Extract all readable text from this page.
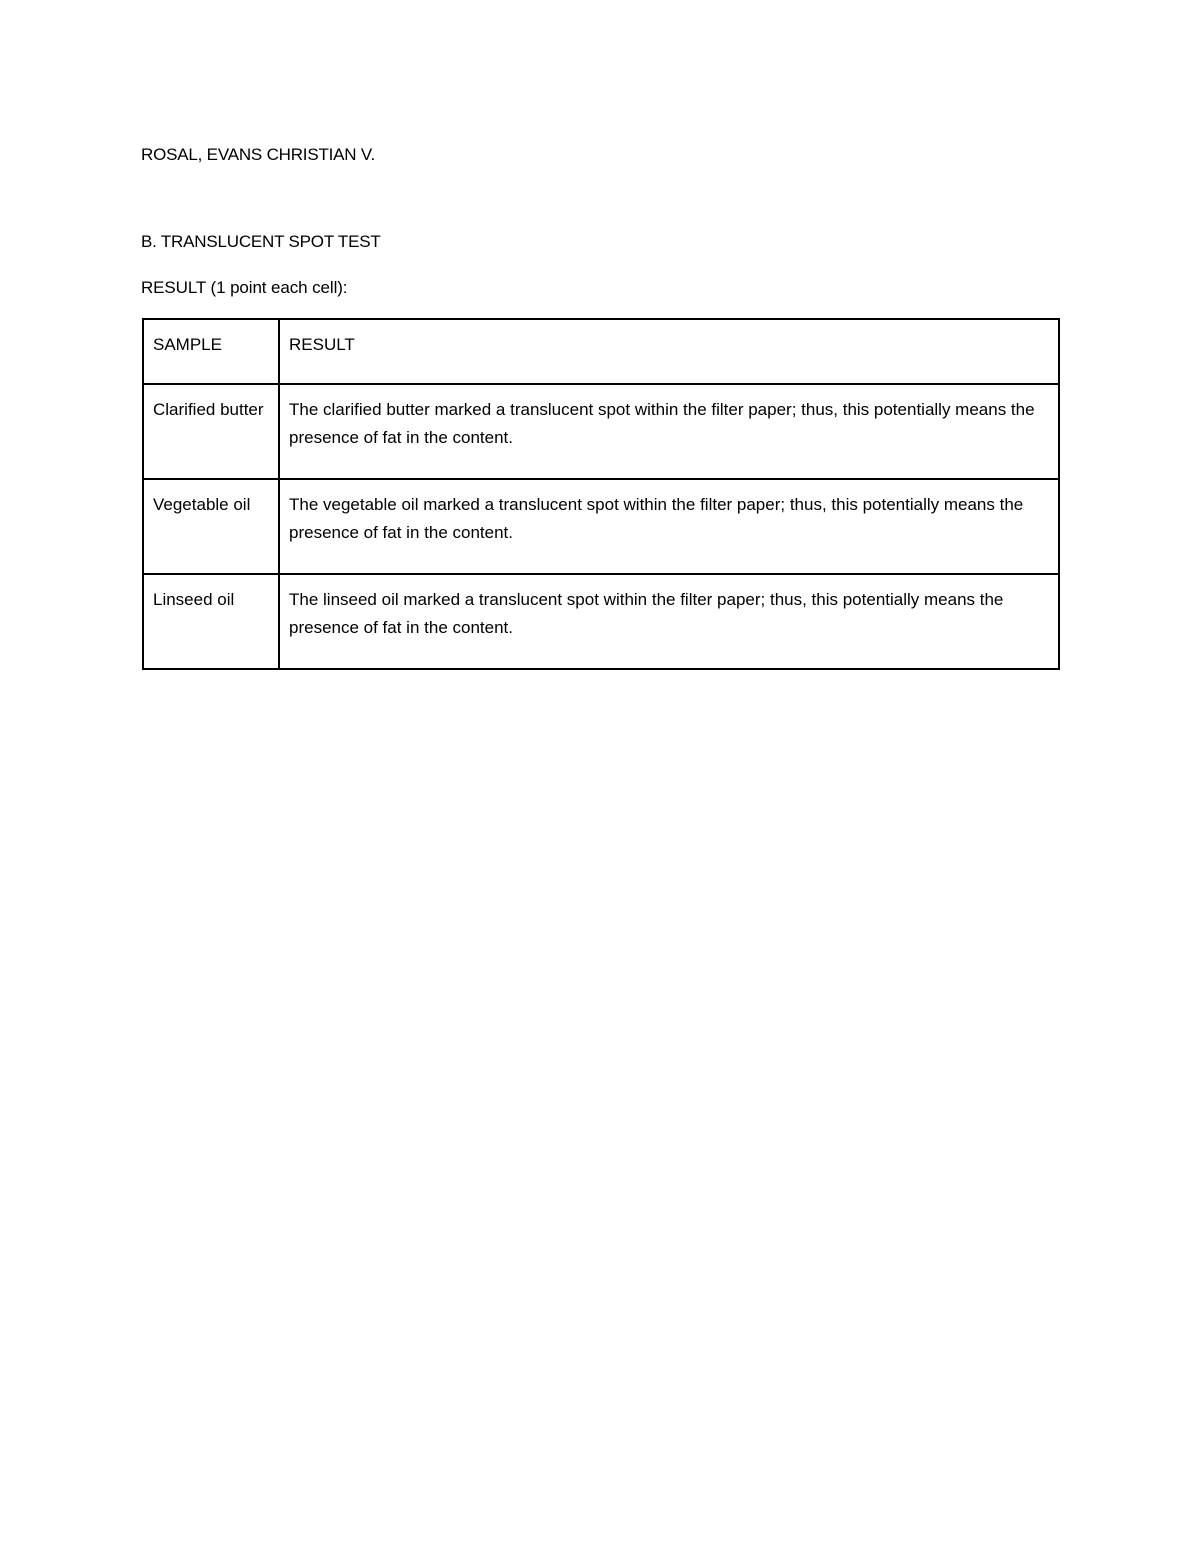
ROSAL, EVANS CHRISTIAN V.

B. TRANSLUCENT SPOT TEST

RESULT (1 point each cell):

SAMPLE	RESULT
Clarified butter	The clarified butter marked a translucent spot within the filter paper; thus, this potentially means the presence of fat in the content.
Vegetable oil	The vegetable oil marked a translucent spot within the filter paper; thus, this potentially means the presence of fat in the content.
Linseed oil	The linseed oil marked a translucent spot within the filter paper; thus, this potentially means the presence of fat in the content.
